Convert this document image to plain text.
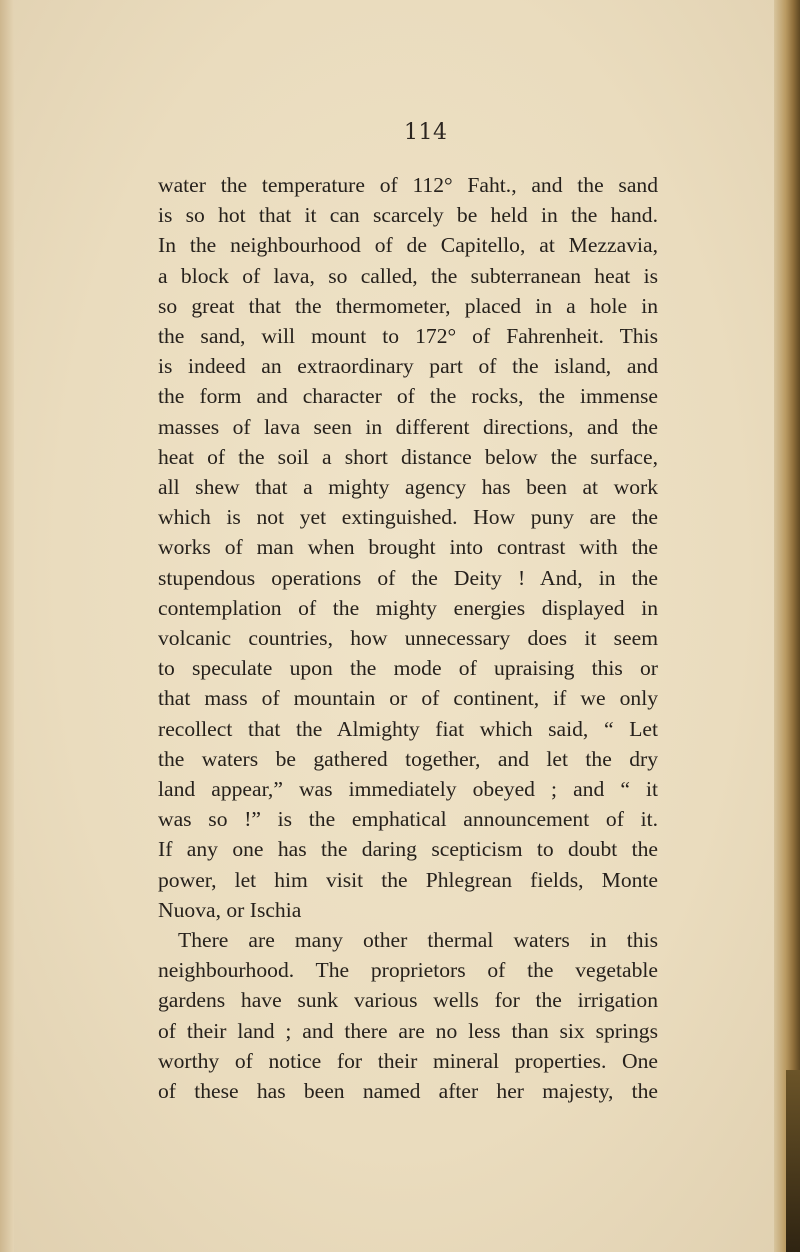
114
water the temperature of 112° Faht., and the sand
is so hot that it can scarcely be held in the hand.
In the neighbourhood of de Capitello, at Mezzavia,
a block of lava, so called, the subterranean heat is
so great that the thermometer, placed in a hole in
the sand, will mount to 172° of Fahrenheit. This
is indeed an extraordinary part of the island, and
the form and character of the rocks, the immense
masses of lava seen in different directions, and the
heat of the soil a short distance below the surface,
all shew that a mighty agency has been at work
which is not yet extinguished. How puny are the
works of man when brought into contrast with the
stupendous operations of the Deity ! And, in the
contemplation of the mighty energies displayed in
volcanic countries, how unnecessary does it seem
to speculate upon the mode of upraising this or
that mass of mountain or of continent, if we only
recollect that the Almighty fiat which said, “ Let
the waters be gathered together, and let the dry
land appear,” was immediately obeyed ; and “ it
was so !” is the emphatical announcement of it.
If any one has the daring scepticism to doubt the
power, let him visit the Phlegrean fields, Monte
Nuova, or Ischia
There are many other thermal waters in this
neighbourhood. The proprietors of the vegetable
gardens have sunk various wells for the irrigation
of their land ; and there are no less than six springs
worthy of notice for their mineral properties. One
of these has been named after her majesty, the
